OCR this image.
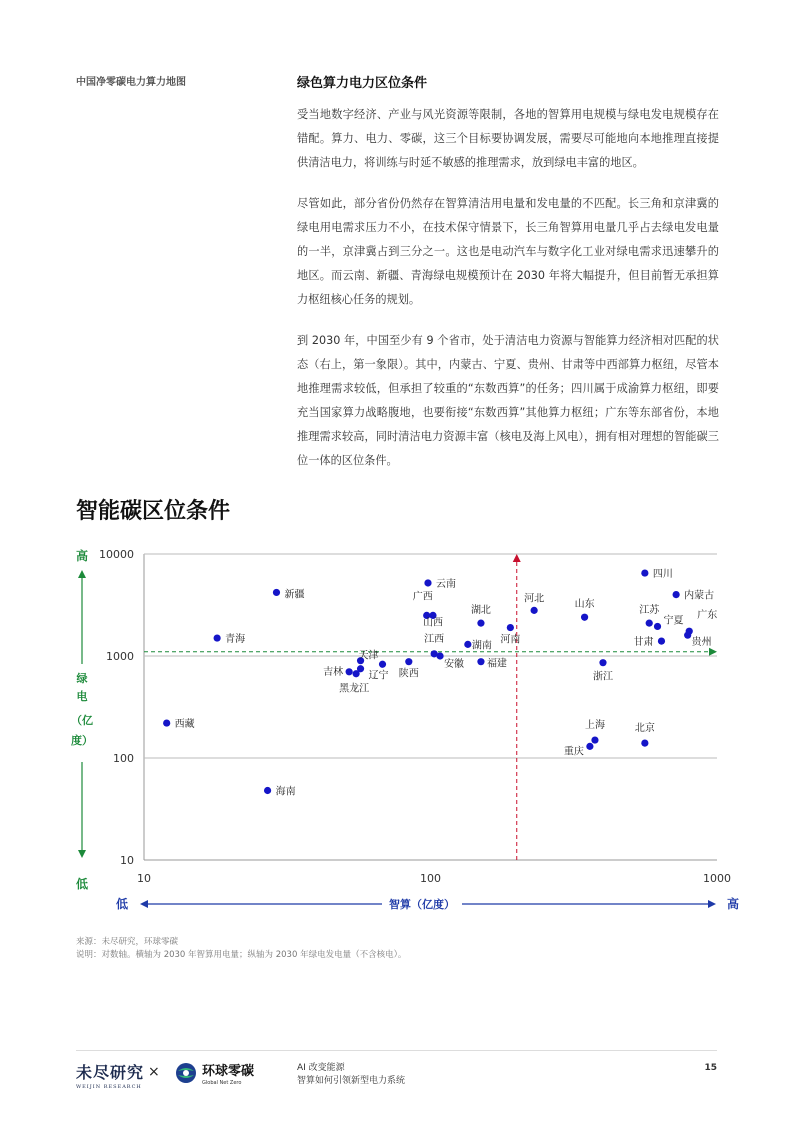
中国净零碳电力算力地图	绿色算力电力区位条件

受当地数字经济、产业与风光资源等限制，各地的智算用电规模与绿电发电规模存在错配。算力、电力、零碳，这三个目标要协调发展，需要尽可能地向本地推理直接提供清洁电力，将训练与时延不敏感的推理需求，放到绿电丰富的地区。

尽管如此，部分省份仍然存在智算清洁用电量和发电量的不匹配。长三角和京津冀的绿电用电需求压力不小，在技术保守情景下，长三角智算用电量几乎占去绿电发电量的一半，京津冀占到三分之一。这也是电动汽车与数字化工业对绿电需求迅速攀升的地区。而云南、新疆、青海绿电规模预计在 2030 年将大幅提升，但目前暂无承担算力枢纽核心任务的规划。

到 2030 年，中国至少有 9 个省市，处于清洁电力资源与智能算力经济相对匹配的状态（右上，第一象限）。其中，内蒙古、宁夏、贵州、甘肃等中西部算力枢纽，尽管本地推理需求较低，但承担了较重的“东数西算”的任务；四川属于成渝算力枢纽，即要充当国家算力战略腹地，也要衔接“东数西算”其他算力枢纽；广东等东部省份，本地推理需求较高，同时清洁电力资源丰富（核电及海上风电），拥有相对理想的智能碳三位一体的区位条件。

智能碳区位条件
10000
1000
100
10
10	100	1000
四川
云南
新疆	内蒙古
河北
山东
广西
湖北	江苏
宁夏 广东
山西
河南	甘肃	贵州
青海	江西
湖南
安徽 福建
浙江
天津
辽宁 陕西
吉林
黑龙江
西藏	上海
重庆
北京
海南
高
绿
电
（亿
度）
低
低	智算（亿度）	高
来源：未尽研究，环球零碳
说明：对数轴。横轴为 2030 年智算用电量；纵轴为 2030 年绿电发电量（不含核电）。
未尽研究
WEIJIN RESEARCH
×	环球零碳
Global Net Zero
AI 改变能源
智算如何引领新型电力系统
15
